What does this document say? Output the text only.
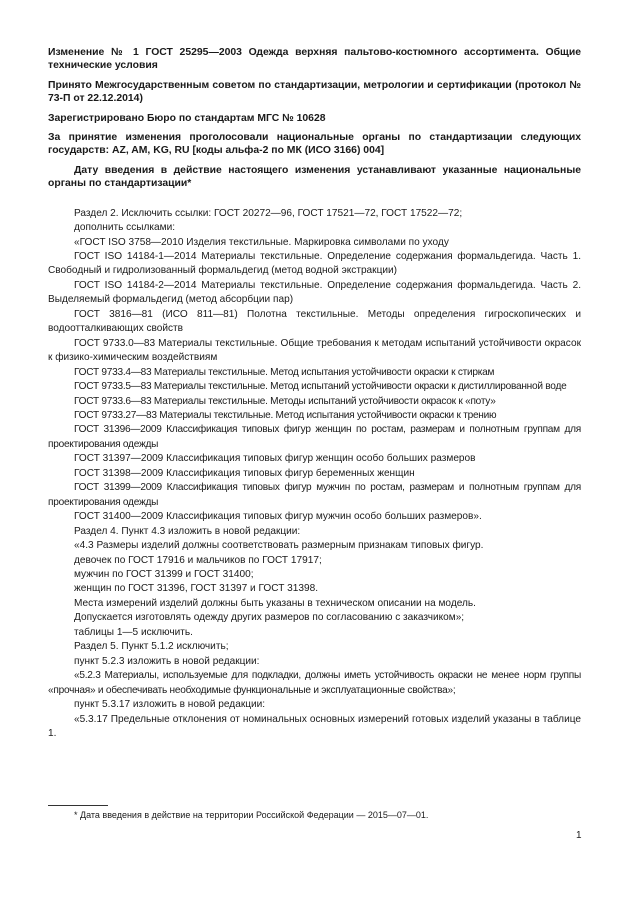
Изменение № 1 ГОСТ 25295—2003 Одежда верхняя пальтово-костюмного ассортимента. Общие технические условия

Принято Межгосударственным советом по стандартизации, метрологии и сертификации (протокол № 73-П от 22.12.2014)

Зарегистрировано Бюро по стандартам МГС № 10628

За принятие изменения проголосовали национальные органы по стандартизации следующих государств: AZ, AM, KG, RU [коды альфа-2 по МК (ИСО 3166) 004]

Дату введения в действие настоящего изменения устанавливают указанные национальные органы по стандартизации*

Раздел 2. Исключить ссылки: ГОСТ 20272—96, ГОСТ 17521—72, ГОСТ 17522—72;

дополнить ссылками:

«ГОСТ ISO 3758—2010 Изделия текстильные. Маркировка символами по уходу

ГОСТ ISO 14184-1—2014 Материалы текстильные. Определение содержания формальдегида. Часть 1. Свободный и гидролизованный формальдегид (метод водной экстракции)

ГОСТ ISO 14184-2—2014 Материалы текстильные. Определение содержания формальдегида. Часть 2. Выделяемый формальдегид (метод абсорбции пар)

ГОСТ 3816—81 (ИСО 811—81) Полотна текстильные. Методы определения гигроскопических и водоотталкивающих свойств

ГОСТ 9733.0—83 Материалы текстильные. Общие требования к методам испытаний устойчивости окрасок к физико-химическим воздействиям

ГОСТ 9733.4—83 Материалы текстильные. Метод испытания устойчивости окраски к стиркам

ГОСТ 9733.5—83 Материалы текстильные. Метод испытаний устойчивости окраски к дистиллированной воде

ГОСТ 9733.6—83 Материалы текстильные. Методы испытаний устойчивости окрасок к «поту»

ГОСТ 9733.27—83 Материалы текстильные. Метод испытания устойчивости окраски к трению

ГОСТ 31396—2009 Классификация типовых фигур женщин по ростам, размерам и полнотным группам для проектирования одежды

ГОСТ 31397—2009 Классификация типовых фигур женщин особо больших размеров

ГОСТ 31398—2009 Классификация типовых фигур беременных женщин

ГОСТ 31399—2009 Классификация типовых фигур мужчин по ростам, размерам и полнотным группам для проектирования одежды

ГОСТ 31400—2009 Классификация типовых фигур мужчин особо больших размеров».

Раздел 4. Пункт 4.3 изложить в новой редакции:

«4.3 Размеры изделий должны соответствовать размерным признакам типовых фигур.

девочек по ГОСТ 17916 и мальчиков по ГОСТ 17917;

мужчин по ГОСТ 31399 и ГОСТ 31400;

женщин по ГОСТ 31396, ГОСТ 31397 и ГОСТ 31398.

Места измерений изделий должны быть указаны в техническом описании на модель.

Допускается изготовлять одежду других размеров по согласованию с заказчиком»;

таблицы 1—5 исключить.

Раздел 5. Пункт 5.1.2 исключить;

пункт 5.2.3 изложить в новой редакции:

«5.2.3 Материалы, используемые для подкладки, должны иметь устойчивость окраски не менее норм группы «прочная» и обеспечивать необходимые функциональные и эксплуатационные свойства»;

пункт 5.3.17 изложить в новой редакции:

«5.3.17 Предельные отклонения от номинальных основных измерений готовых изделий указаны в таблице 1.

* Дата введения в действие на территории Российской Федерации — 2015—07—01.
1
